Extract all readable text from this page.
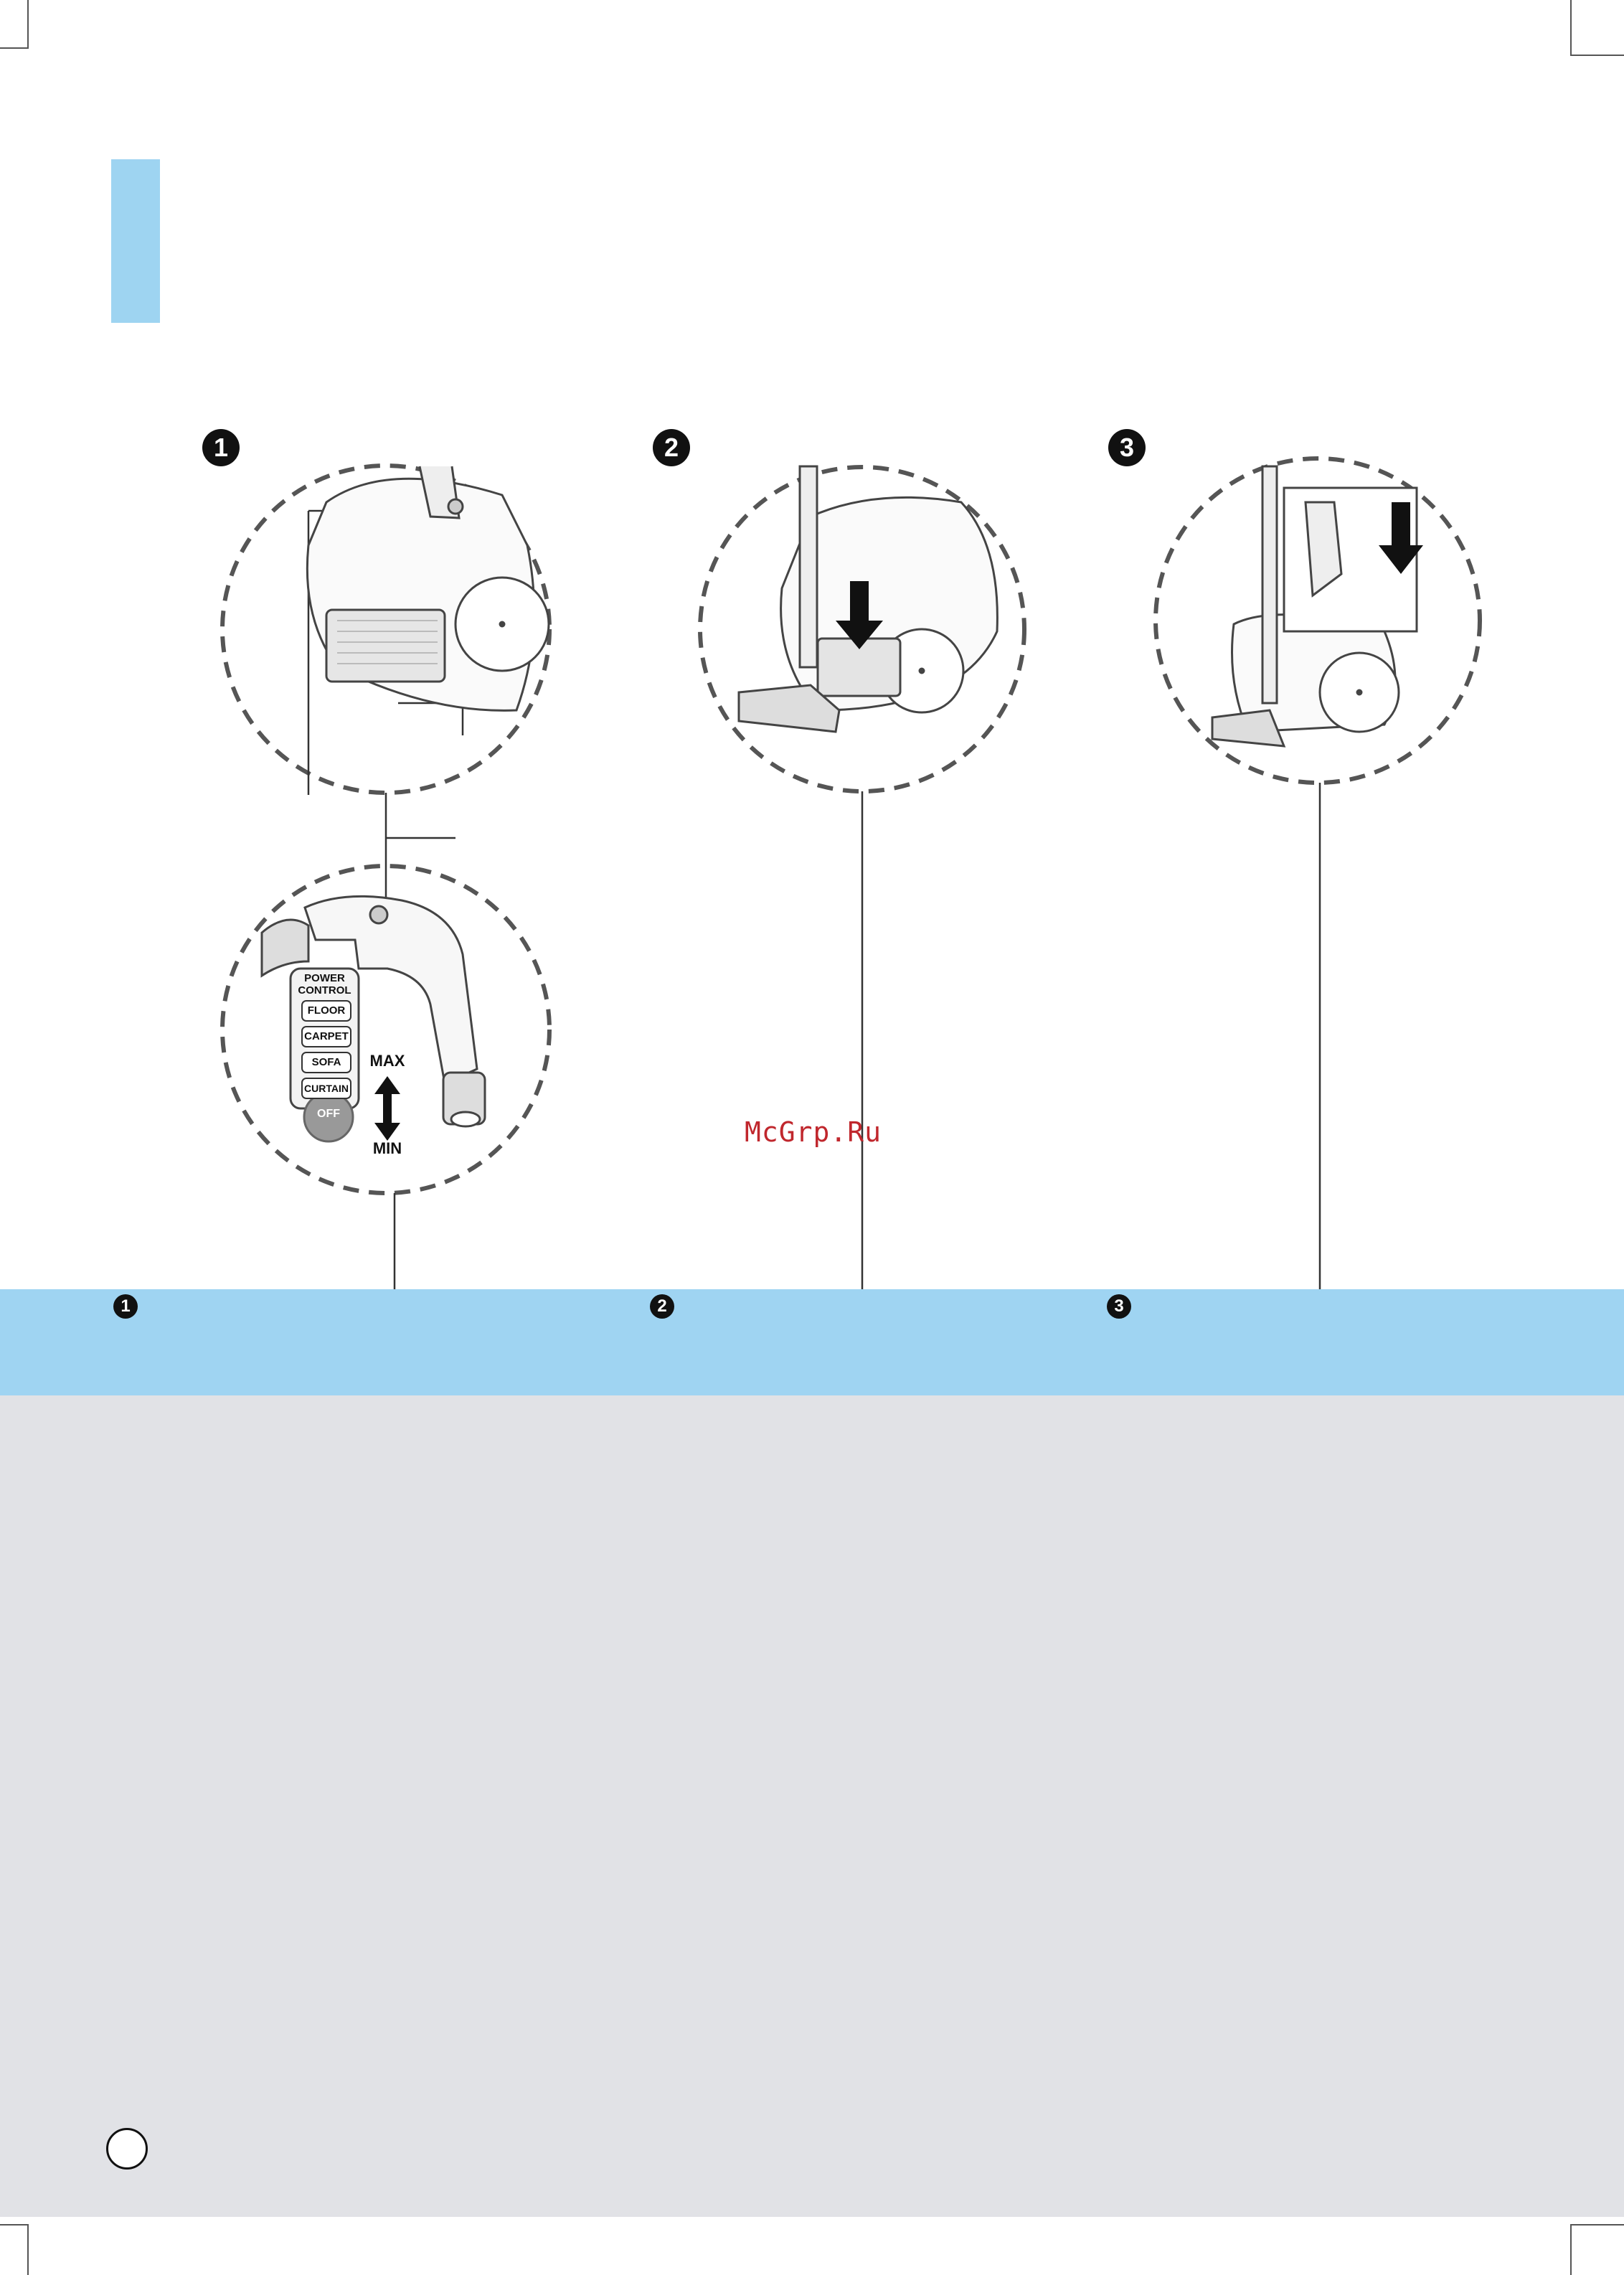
1	2	3
1	2	3
POWER
CONTROL
FLOOR
CARPET
SOFA
CURTAIN
OFF
MAX
MIN
McGrp.Ru
